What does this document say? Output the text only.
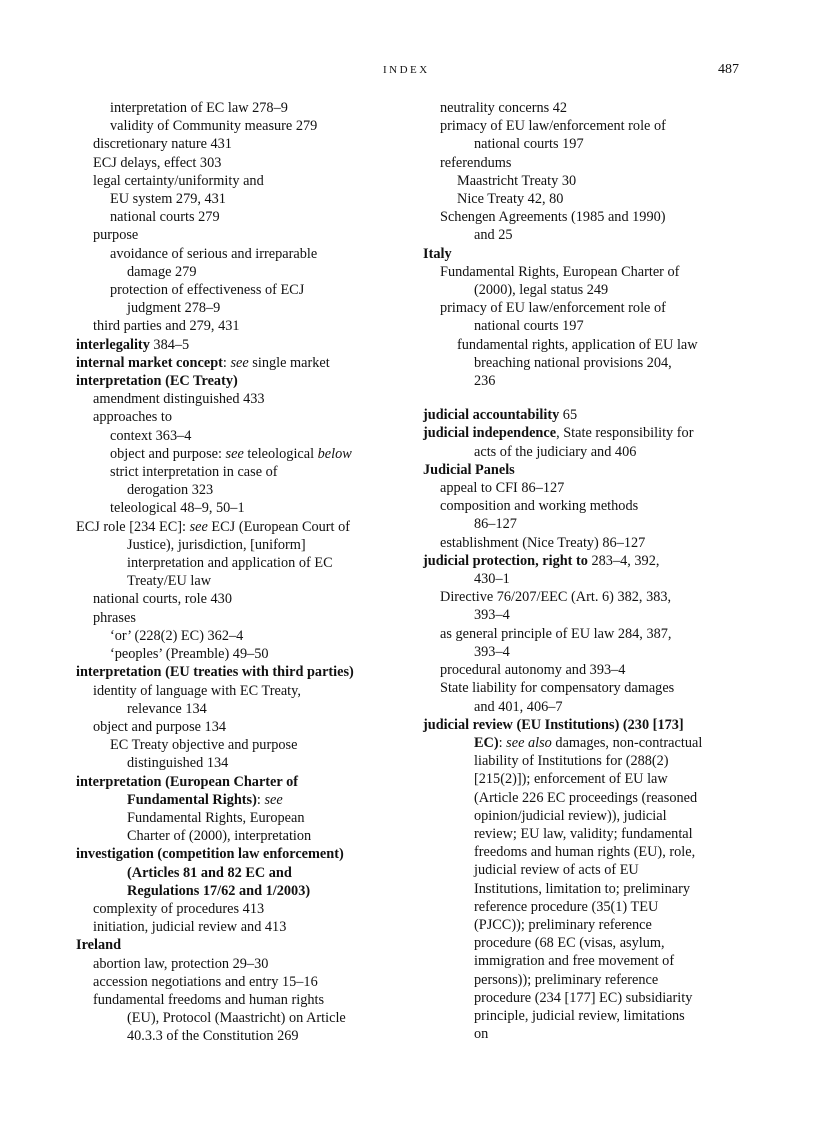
INDEX	487
interpretation of EC law 278–9
validity of Community measure 279
discretionary nature 431
ECJ delays, effect 303
legal certainty/uniformity and
EU system 279, 431
national courts 279
purpose
avoidance of serious and irreparable
damage 279
protection of effectiveness of ECJ
judgment 278–9
third parties and 279, 431
interlegality 384–5
internal market concept: see single market
interpretation (EC Treaty)
amendment distinguished 433
approaches to
context 363–4
object and purpose: see teleological below
strict interpretation in case of
derogation 323
teleological 48–9, 50–1
ECJ role [234 EC]: see ECJ (European Court of
Justice), jurisdiction, [uniform]
interpretation and application of EC
Treaty/EU law
national courts, role 430
phrases
‘or’ (228(2) EC) 362–4
‘peoples’ (Preamble) 49–50
interpretation (EU treaties with third parties)
identity of language with EC Treaty,
relevance 134
object and purpose 134
EC Treaty objective and purpose
distinguished 134
interpretation (European Charter of
Fundamental Rights): see
Fundamental Rights, European
Charter of (2000), interpretation
investigation (competition law enforcement)
(Articles 81 and 82 EC and
Regulations 17/62 and 1/2003)
complexity of procedures 413
initiation, judicial review and 413
Ireland
abortion law, protection 29–30
accession negotiations and entry 15–16
fundamental freedoms and human rights
(EU), Protocol (Maastricht) on Article
40.3.3 of the Constitution 269
neutrality concerns 42
primacy of EU law/enforcement role of
national courts 197
referendums
Maastricht Treaty 30
Nice Treaty 42, 80
Schengen Agreements (1985 and 1990)
and 25
Italy
Fundamental Rights, European Charter of
(2000), legal status 249
primacy of EU law/enforcement role of
national courts 197
fundamental rights, application of EU law
breaching national provisions 204,
236
judicial accountability 65
judicial independence, State responsibility for
acts of the judiciary and 406
Judicial Panels
appeal to CFI 86–127
composition and working methods
86–127
establishment (Nice Treaty) 86–127
judicial protection, right to 283–4, 392,
430–1
Directive 76/207/EEC (Art. 6) 382, 383,
393–4
as general principle of EU law 284, 387,
393–4
procedural autonomy and 393–4
State liability for compensatory damages
and 401, 406–7
judicial review (EU Institutions) (230 [173]
EC): see also damages, non-contractual
liability of Institutions for (288(2)
[215(2)]); enforcement of EU law
(Article 226 EC proceedings (reasoned
opinion/judicial review)), judicial
review; EU law, validity; fundamental
freedoms and human rights (EU), role,
judicial review of acts of EU
Institutions, limitation to; preliminary
reference procedure (35(1) TEU
(PJCC)); preliminary reference
procedure (68 EC (visas, asylum,
immigration and free movement of
persons)); preliminary reference
procedure (234 [177] EC) subsidiarity
principle, judicial review, limitations
on
